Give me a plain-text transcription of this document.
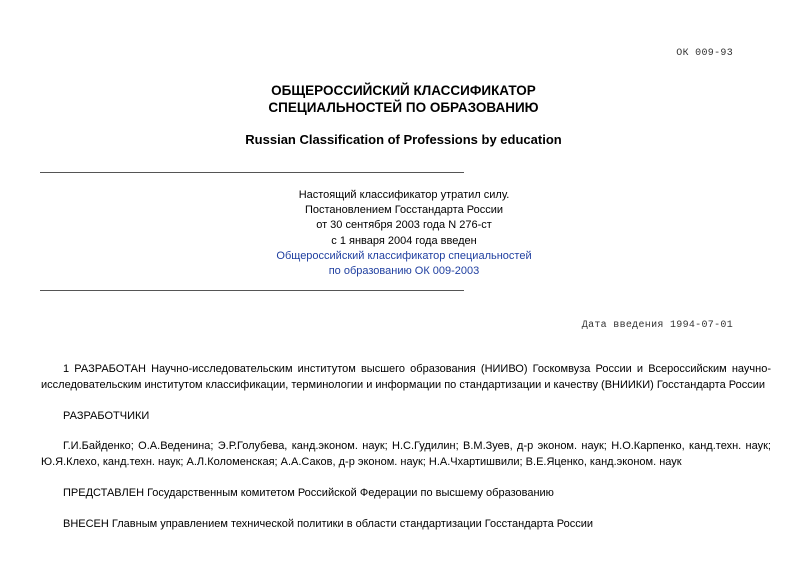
ОК 009-93
ОБЩЕРОССИЙСКИЙ КЛАССИФИКАТОР
СПЕЦИАЛЬНОСТЕЙ ПО ОБРАЗОВАНИЮ
Russian Classification of Professions by education
Настоящий классификатор утратил силу.
Постановлением Госстандарта России
от 30 сентября 2003 года N 276-ст
с 1 января 2004 года введен
Общероссийский классификатор специальностей
по образованию ОК 009-2003
Дата введения 1994-07-01
1 РАЗРАБОТАН Научно-исследовательским институтом высшего образования (НИИВО) Госкомвуза России и Всероссийским научно-исследовательским институтом классификации, терминологии и информации по стандартизации и качеству (ВНИИКИ) Госстандарта России
РАЗРАБОТЧИКИ
Г.И.Байденко; О.А.Веденина; Э.Р.Голубева, канд.эконом. наук; Н.С.Гудилин; В.М.Зуев, д-р эконом. наук; Н.О.Карпенко, канд.техн. наук; Ю.Я.Клеxо, канд.техн. наук; А.Л.Коломенская; А.А.Саков, д-р эконом. наук; Н.А.Чхартишвили; В.Е.Яценко, канд.эконом. наук
ПРЕДСТАВЛЕН Государственным комитетом Российской Федерации по высшему образованию
ВНЕСЕН Главным управлением технической политики в области стандартизации Госстандарта России
